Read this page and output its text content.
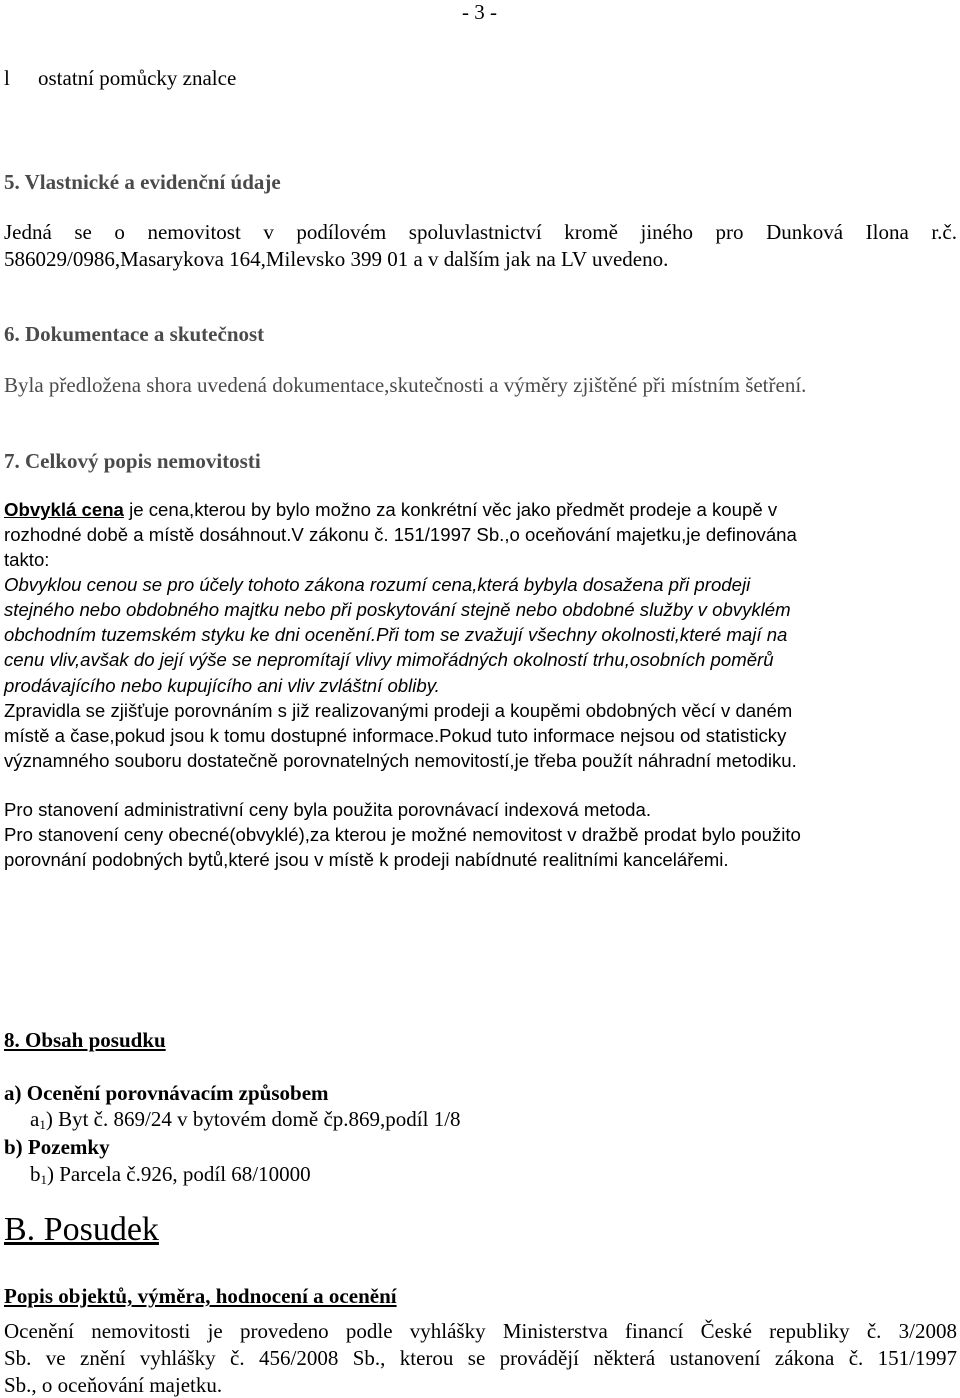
- 3 -
l ostatní pomůcky znalce
5. Vlastnické a evidenční údaje
Jedná se o nemovitost v podílovém spoluvlastnictví kromě jiného pro Dunková Ilona r.č.
586029/0986,Masarykova 164,Milevsko 399 01 a v dalším jak na LV uvedeno.
6. Dokumentace a skutečnost
Byla předložena shora uvedená dokumentace,skutečnosti a výměry zjištěné při místním šetření.
7. Celkový popis nemovitosti
Obvyklá cena je cena,kterou by bylo možno za konkrétní věc jako předmět prodeje a koupě v
rozhodné době a místě dosáhnout.V zákonu č. 151/1997 Sb.,o oceňování majetku,je definována
takto:
Obvyklou cenou se pro účely tohoto zákona rozumí cena,která bybyla dosažena při prodeji
stejného nebo obdobného majtku nebo při poskytování stejně nebo obdobné služby v obvyklém
obchodním tuzemském styku ke dni ocenění.Při tom se zvažují všechny okolnosti,které mají na
cenu vliv,avšak do její výše se nepromítají vlivy mimořádných okolností trhu,osobních poměrů
prodávajícího nebo kupujícího ani vliv zvláštní obliby.
Zpravidla se zjišťuje porovnáním s již realizovanými prodeji a koupěmi obdobných věcí v daném
místě a čase,pokud jsou k tomu dostupné informace.Pokud tuto informace nejsou od statisticky
významného souboru dostatečně porovnatelných nemovitostí,je třeba použít náhradní metodiku.
Pro stanovení administrativní ceny byla použita porovnávací indexová metoda.
Pro stanovení ceny obecné(obvyklé),za kterou je možné nemovitost v dražbě prodat bylo použito
porovnání podobných bytů,které jsou v místě k prodeji nabídnuté realitními kancelářemi.
8. Obsah posudku
a) Ocenění porovnávacím způsobem
$a_1$) Byt č. 869/24 v bytovém domě čp.869,podíl 1/8
b) Pozemky
$b_1$) Parcela č.926, podíl 68/10000
B. Posudek
Popis objektů, výměra, hodnocení a ocenění
Ocenění nemovitosti je provedeno podle vyhlášky Ministerstva financí České republiky č. 3/2008
Sb. ve znění vyhlášky č. 456/2008 Sb., kterou se provádějí některá ustanovení zákona č. 151/1997
Sb., o oceňování majetku.
